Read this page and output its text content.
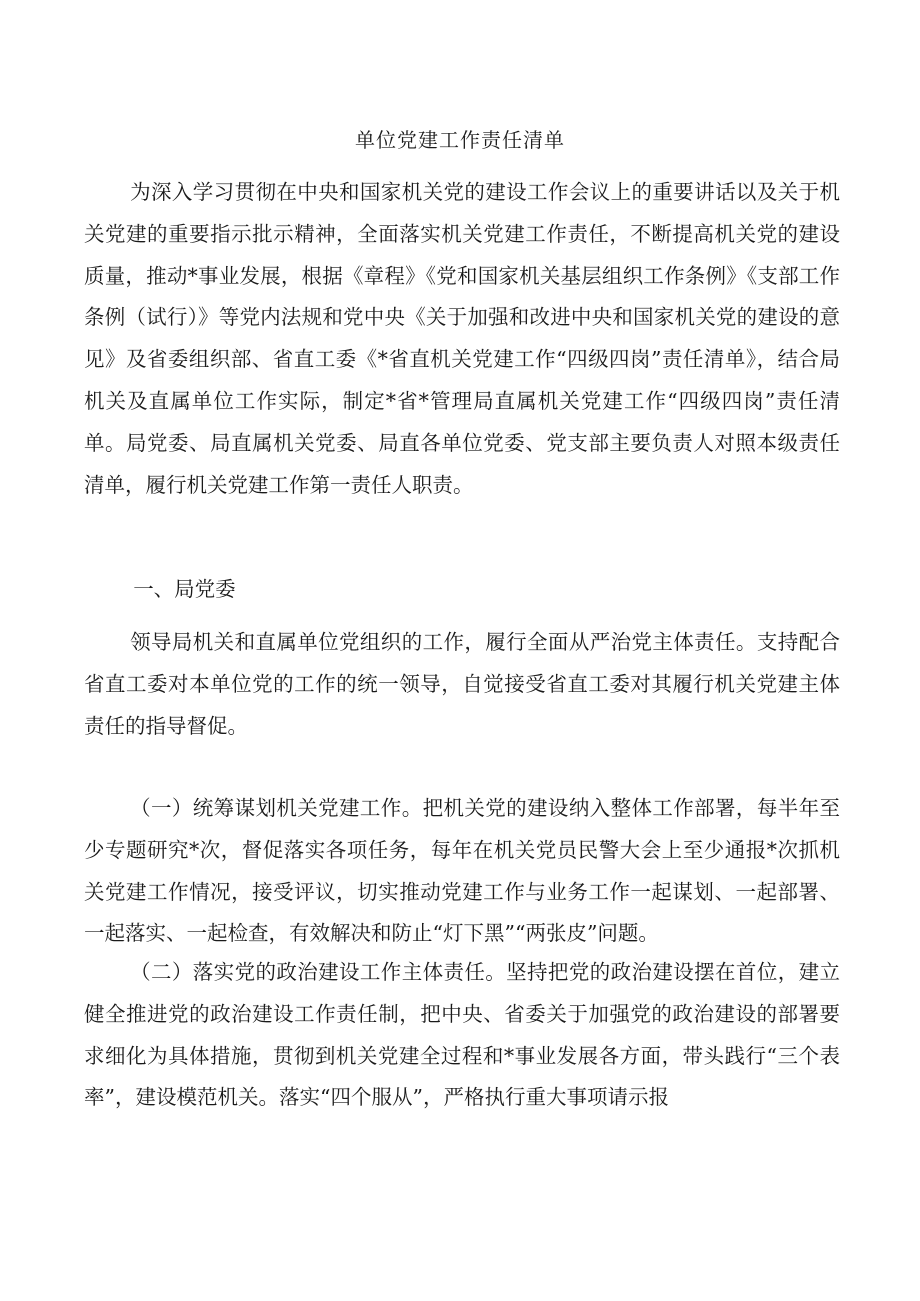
单位党建工作责任清单

为深入学习贯彻在中央和国家机关党的建设工作会议上的重要讲话以及关于机关党建的重要指示批示精神，全面落实机关党建工作责任，不断提高机关党的建设质量，推动*事业发展，根据《章程》《党和国家机关基层组织工作条例》《支部工作条例（试行）》等党内法规和党中央《关于加强和改进中央和国家机关党的建设的意见》及省委组织部、省直工委《*省直机关党建工作“四级四岗”责任清单》，结合局机关及直属单位工作实际，制定*省*管理局直属机关党建工作“四级四岗”责任清单。局党委、局直属机关党委、局直各单位党委、党支部主要负责人对照本级责任清单，履行机关党建工作第一责任人职责。

一、局党委

领导局机关和直属单位党组织的工作，履行全面从严治党主体责任。支持配合省直工委对本单位党的工作的统一领导，自觉接受省直工委对其履行机关党建主体责任的指导督促。

（一）统筹谋划机关党建工作。把机关党的建设纳入整体工作部署，每半年至少专题研究*次，督促落实各项任务，每年在机关党员民警大会上至少通报*次抓机关党建工作情况，接受评议，切实推动党建工作与业务工作一起谋划、一起部署、一起落实、一起检查，有效解决和防止“灯下黑”“两张皮”问题。

（二）落实党的政治建设工作主体责任。坚持把党的政治建设摆在首位，建立健全推进党的政治建设工作责任制，把中央、省委关于加强党的政治建设的部署要求细化为具体措施，贯彻到机关党建全过程和*事业发展各方面，带头践行“三个表率”，建设模范机关。落实“四个服从”，严格执行重大事项请示报
